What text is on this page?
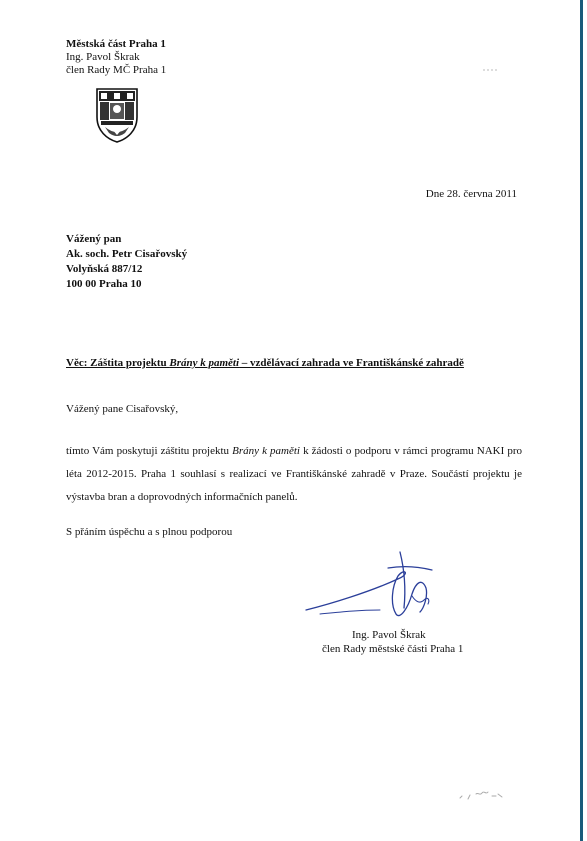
Městská část Praha 1
Ing. Pavol Škrak
člen Rady MČ Praha 1
Dne 28. června 2011
Vážený pan
Ak. soch. Petr Cisařovský
Volyňská 887/12
100 00 Praha 10
Věc: Záštita projektu Brány k paměti – vzdělávací zahrada ve Františkánské zahradě
Vážený pane Cisařovský,
tímto Vám poskytuji záštitu projektu Brány k paměti k žádosti o podporu v rámci programu NAKI pro léta 2012-2015. Praha 1 souhlasí s realizací ve Františkánské zahradě v Praze. Součástí projektu je výstavba bran a doprovodných informačních panelů.
S přáním úspěchu a s plnou podporou
Ing. Pavol Škrak
člen Rady městské části Praha 1
